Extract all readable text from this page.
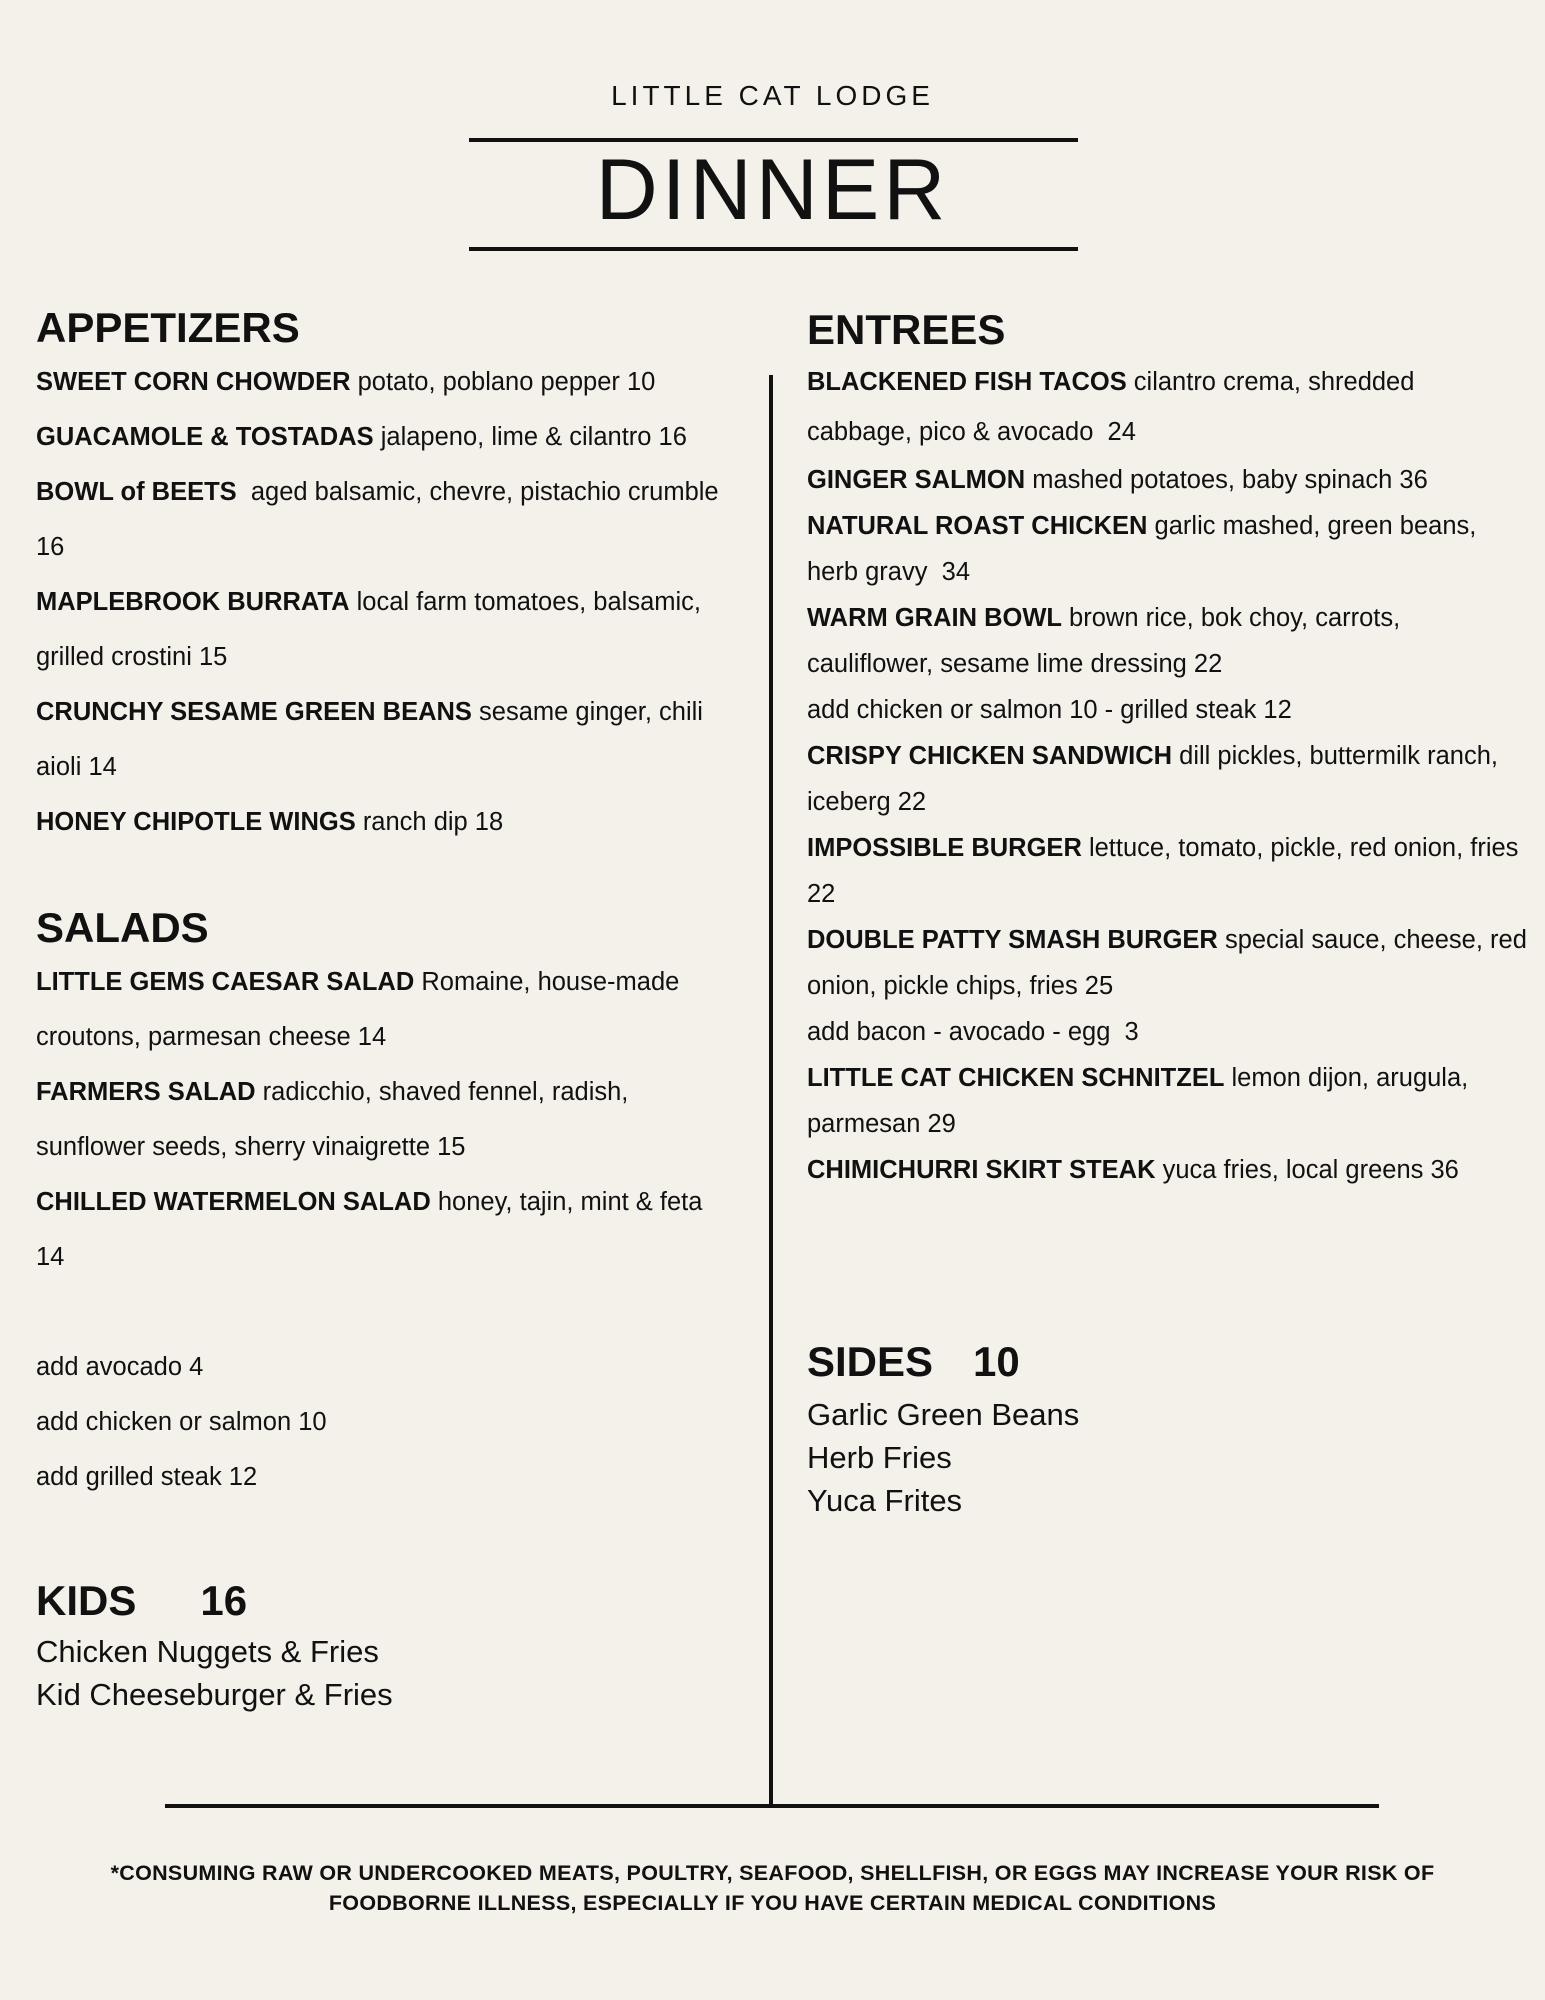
LITTLE CAT LODGE
DINNER
APPETIZERS

SWEET CORN CHOWDER potato, poblano pepper 10

GUACAMOLE & TOSTADAS jalapeno, lime & cilantro 16

BOWL of BEETS  aged balsamic, chevre, pistachio crumble 16

MAPLEBROOK BURRATA local farm tomatoes, balsamic, grilled crostini 15

CRUNCHY SESAME GREEN BEANS sesame ginger, chili aioli 14

HONEY CHIPOTLE WINGS ranch dip 18

SALADS

LITTLE GEMS CAESAR SALAD Romaine, house-made croutons, parmesan cheese 14

FARMERS SALAD radicchio, shaved fennel, radish, sunflower seeds, sherry vinaigrette 15

CHILLED WATERMELON SALAD honey, tajin, mint & feta 14

add avocado 4

add chicken or salmon 10

add grilled steak 12

KIDS 16

Chicken Nuggets & Fries

Kid Cheeseburger & Fries

ENTREES

BLACKENED FISH TACOS cilantro crema, shredded cabbage, pico & avocado  24

GINGER SALMON mashed potatoes, baby spinach 36

NATURAL ROAST CHICKEN garlic mashed, green beans, herb gravy  34

WARM GRAIN BOWL brown rice, bok choy, carrots, cauliflower, sesame lime dressing 22

add chicken or salmon 10 - grilled steak 12

CRISPY CHICKEN SANDWICH dill pickles, buttermilk ranch, iceberg 22

IMPOSSIBLE BURGER lettuce, tomato, pickle, red onion, fries 22

DOUBLE PATTY SMASH BURGER special sauce, cheese, red onion, pickle chips, fries 25

add bacon - avocado - egg  3

LITTLE CAT CHICKEN SCHNITZEL lemon dijon, arugula, parmesan 29

CHIMICHURRI SKIRT STEAK yuca fries, local greens 36

SIDES 10

Garlic Green Beans

Herb Fries

Yuca Frites

*CONSUMING RAW OR UNDERCOOKED MEATS, POULTRY, SEAFOOD, SHELLFISH, OR EGGS MAY INCREASE YOUR RISK OF
FOODBORNE ILLNESS, ESPECIALLY IF YOU HAVE CERTAIN MEDICAL CONDITIONS
